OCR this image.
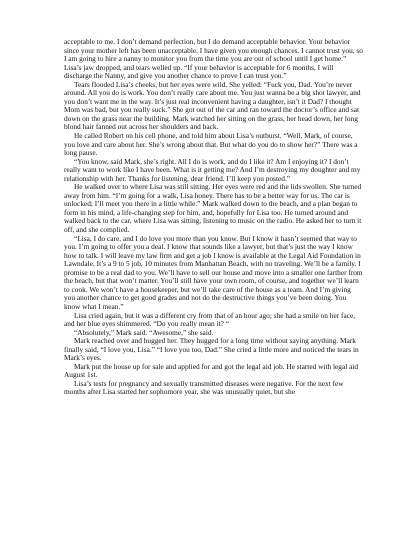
acceptable to me. I don’t demand perfection, but I do demand acceptable behavior. Your behavior since your mother left has been unacceptable. I have given you enough chances. I cannot trust you, so I am going to hire a nanny to monitor you from the time you are out of school until I get home.” Lisa’s jaw dropped, and tears welled up. “If your behavior is acceptable for 6 months, I will discharge the Nanny, and give you another chance to prove I can trust you.”

Tears flooded Lisa’s cheeks, but her eyes were wild. She yelled: “Fuck you, Dad. You’re never around. All you do is work. You don’t really care about me. You just wanna be a big shot lawyer, and you don’t want me in the way. It’s just real inconvenient having a daughter, isn’t it Dad? I thought Mom was bad, but you really suck.” She got out of the car and ran toward the doctor’s office and sat down on the grass near the building. Mark watched her sitting on the grass, her head down, her long blond hair fanned out across her shoulders and back.

He called Robert on his cell phone, and told him about Lisa’s outburst. “Well, Mark, of course, you love and care about her. She’s wrong about that. But what do you do to show her?” There was a long pause.

“You know, said Mark, she’s right. All I do is work, and do I like it? Am I enjoying it? I don’t really want to work like I have been. What is it getting me? And I’m destroying my doughter and my relationship with her. Thanks for listening, dear friend. I’ll keep you posted.”

He walked over to where Lisa was still sitting. Her eyes were red and the lids swollen. She turned away from him. “I’m going for a walk, Lisa honey. There has to be a better way for us. The car is unlocked; I’ll meet you there in a little while.” Mark walked down to the beach, and a plan began to form in his mind, a life-changing step for him, and, hopefully for Lisa too. He turned around and walked back to the car, where Lisa was sitting, listening to music on the radio. He asked her to turn it off, and she complied.

“Lisa, I do care, and I do love you more than you know. But I know it hasn’t seemed that way to you. I’m going to offer you a deal. I know that sounds like a lawyer, but that’s just the way I know how to talk. I will leave my law firm and get a job I know is available at the Legal Aid Foundation in Lawndale. It’s a 9 to 5 job, 10 minutes from Manhattan Beach, with no traveling. We’ll be a family. I promise to be a real dad to you. We’ll have to sell our house and move into a smaller one farther from the beach, but that won’t matter. You’ll still have your own room, of course, and together we’ll learn to cook. We won’t have a housekeeper, but we’ll take care of the house as a team. And I’m giving you another chance to get good grades and not do the destructive things you’ve been doing. You know what I mean.”

Lisa cried again, but it was a different cry from that of an hour ago; she had a smile on her face, and her blue eyes shimmered. “Do you really mean it? “

“Absolutely,” Mark said. “Awesome,” she said.

Mark reached over and hugged her. They hugged for a long time without saying anything. Mark finally said, “I love you, Lisa.” “I love you too, Dad.” She cried a little more and noticed the tears in Mark’s eyes.

Mark put the house up for sale and applied for and got the legal aid job. He started with legal aid August 1st.

Lisa’s tests for pregnancy and sexually transmitted diseases were negative. For the next few months after Lisa started her sophomore year, she was unusually quiet, but she
